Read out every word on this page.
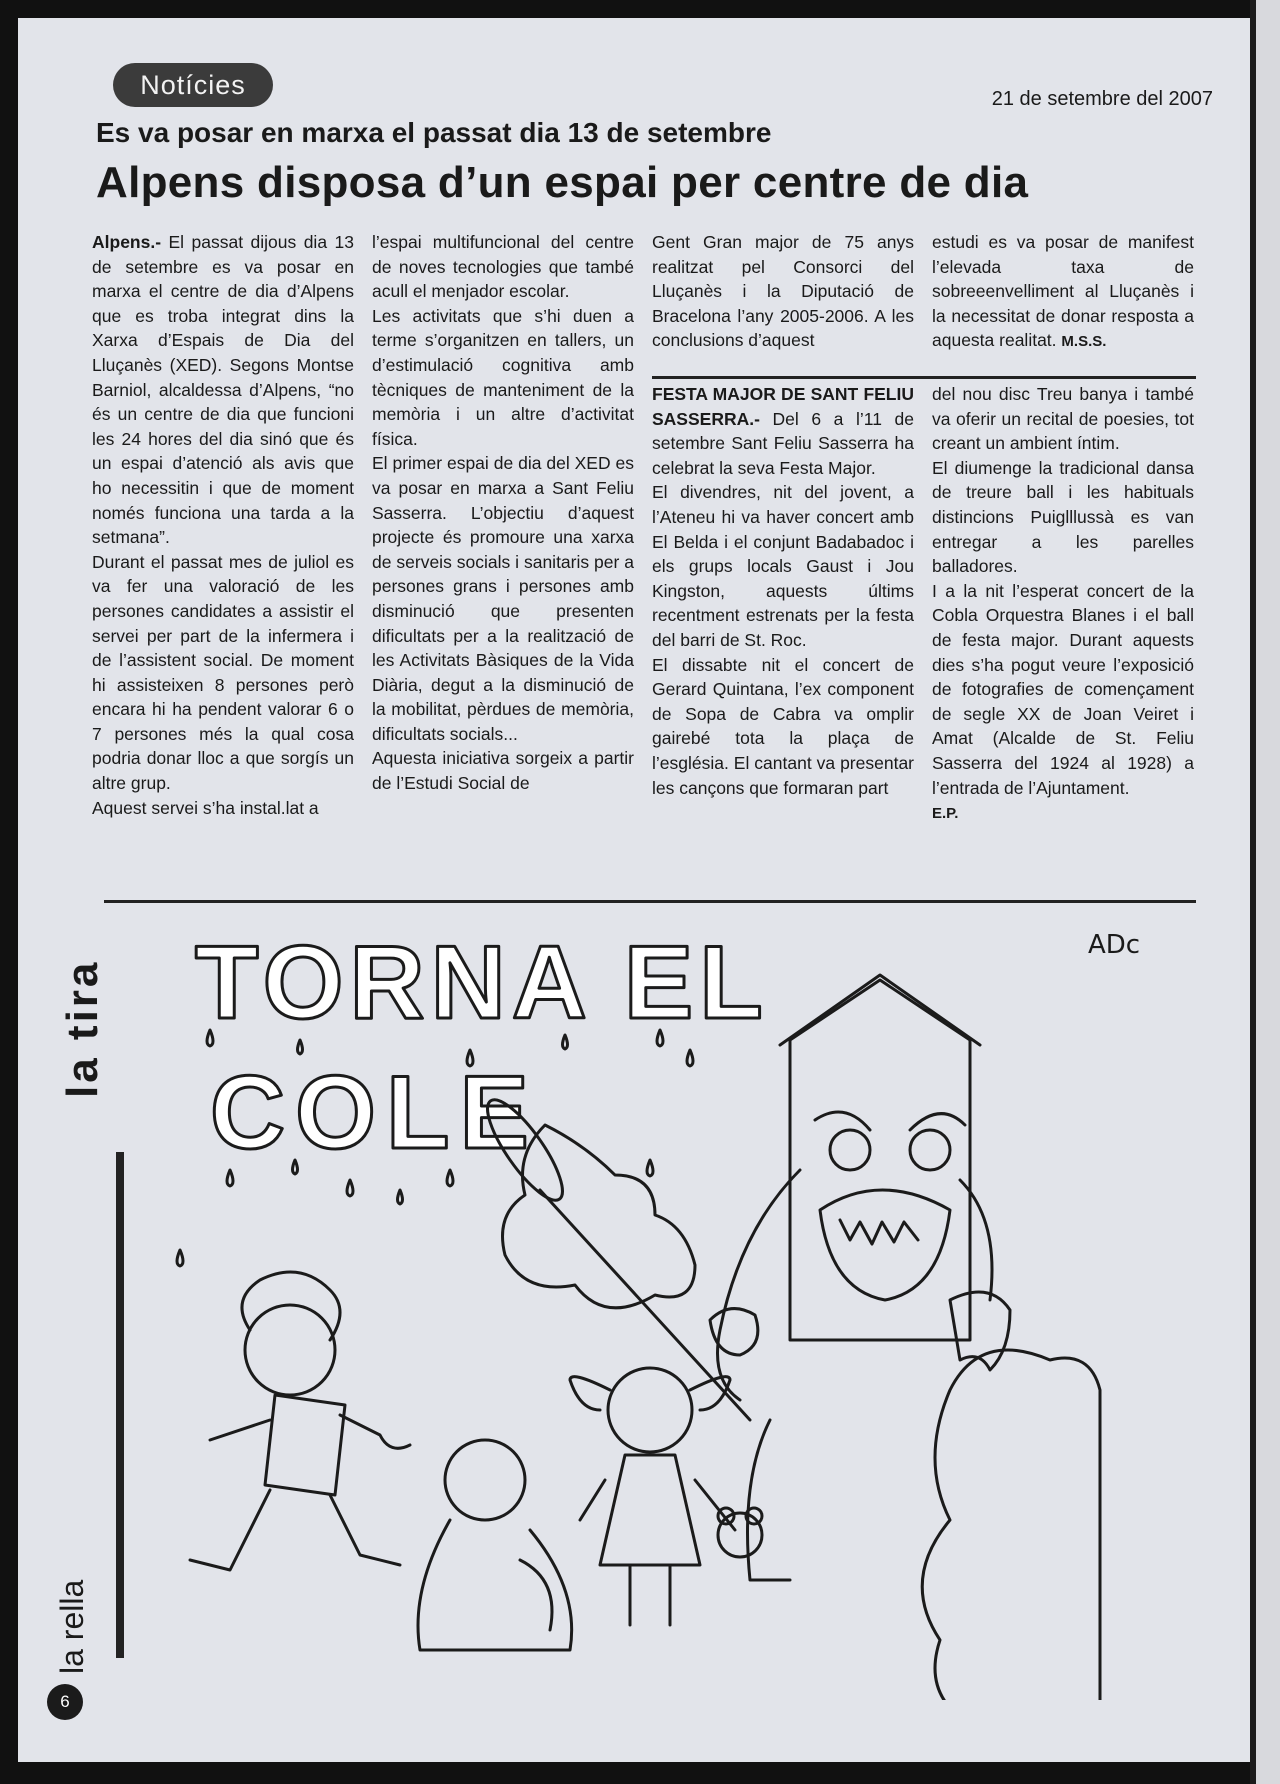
Notícies	21 de setembre del 2007
Es va posar en marxa el passat dia 13 de setembre
Alpens disposa d’un espai per centre de dia

Alpens.- El passat dijous dia 13 de setembre es va posar en marxa el centre de dia d’Alpens que es troba integrat dins la Xarxa d’Espais de Dia del Lluçanès (XED). Segons Montse Barniol, alcaldessa d’Alpens, “no és un centre de dia que funcioni les 24 hores del dia sinó que és un espai d’atenció als avis que ho necessitin i que de moment només funciona una tarda a la setmana”.

Durant el passat mes de juliol es va fer una valoració de les persones candidates a assistir el servei per part de la infermera i de l’assistent social. De moment hi assisteixen 8 persones però encara hi ha pendent valorar 6 o 7 persones més la qual cosa podria donar lloc a que sorgís un altre grup.

Aquest servei s’ha instal.lat a

l’espai multifuncional del centre de noves tecnologies que també acull el menjador escolar.

Les activitats que s’hi duen a terme s’organitzen en tallers, un d’estimulació cognitiva amb tècniques de manteniment de la memòria i un altre d’activitat física.

El primer espai de dia del XED es va posar en marxa a Sant Feliu Sasserra. L’objectiu d’aquest projecte és promoure una xarxa de serveis socials i sanitaris per a persones grans i persones amb disminució que presenten dificultats per a la realització de les Activitats Bàsiques de la Vida Diària, degut a la disminució de la mobilitat, pèrdues de memòria, dificultats socials...

Aquesta iniciativa sorgeix a partir de l’Estudi Social de

Gent Gran major de 75 anys realitzat pel Consorci del Lluçanès i la Diputació de Bracelona l’any 2005-2006. A les conclusions d’aquest

estudi es va posar de manifest l’elevada taxa de sobreeenvelliment al Lluçanès i la necessitat de donar resposta a aquesta realitat. M.S.S.

FESTA MAJOR DE SANT FELIU SASSERRA.- Del 6 a l’11 de setembre Sant Feliu Sasserra ha celebrat la seva Festa Major.

El divendres, nit del jovent, a l’Ateneu hi va haver concert amb El Belda i el conjunt Badabadoc i els grups locals Gaust i Jou Kingston, aquests últims recentment estrenats per la festa del barri de St. Roc.

El dissabte nit el concert de Gerard Quintana, l’ex component de Sopa de Cabra va omplir gairebé tota la plaça de l’església. El cantant va presentar les cançons que formaran part

del nou disc Treu banya i també va oferir un recital de poesies, tot creant un ambient íntim.

El diumenge la tradicional dansa de treure ball i les habituals distincions Puiglllussà es van entregar a les parelles balladores.

I a la nit l’esperat concert de la Cobla Orquestra Blanes i el ball de festa major. Durant aquests dies s’ha pogut veure l’exposició de fotografies de començament de segle XX de Joan Veiret i Amat (Alcalde de St. Feliu Sasserra del 1924 al 1928) a l’entrada de l’Ajuntament.
E.P.

la tira
la rella
6
TORNA EL
COLE
ADc
